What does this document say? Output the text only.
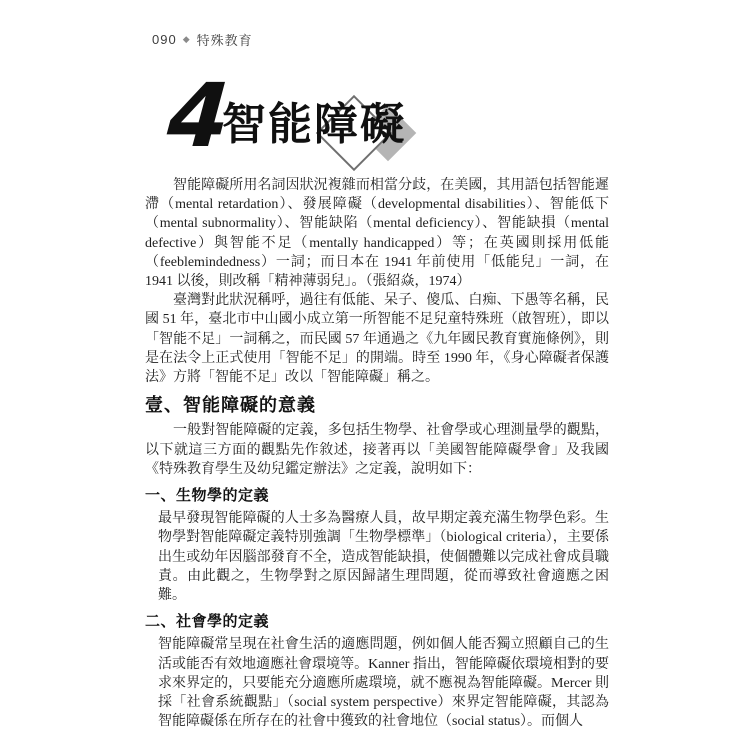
090 ◆ 特殊教育
4
智能障礙

智能障礙所用名詞因狀況複雜而相當分歧，在美國，其用語包括智能遲滯（mental retardation）、發展障礙（developmental disabilities）、智能低下（mental subnormality）、智能缺陷（mental deficiency）、智能缺損（mental defective）與智能不足（mentally handicapped）等；在英國則採用低能（feeblemindedness）一詞；而日本在 1941 年前使用「低能兒」一詞，在 1941 以後，則改稱「精神薄弱兒」。（張紹焱，1974）

臺灣對此狀況稱呼，過往有低能、呆子、傻瓜、白痴、下愚等名稱，民國 51 年，臺北市中山國小成立第一所智能不足兒童特殊班（啟智班），即以「智能不足」一詞稱之，而民國 57 年通過之《九年國民教育實施條例》，則是在法令上正式使用「智能不足」的開端。時至 1990 年，《身心障礙者保護法》方將「智能不足」改以「智能障礙」稱之。

壹、智能障礙的意義

一般對智能障礙的定義，多包括生物學、社會學或心理測量學的觀點，以下就這三方面的觀點先作敘述，接著再以「美國智能障礙學會」及我國《特殊教育學生及幼兒鑑定辦法》之定義，說明如下：

一、生物學的定義

最早發現智能障礙的人士多為醫療人員，故早期定義充滿生物學色彩。生物學對智能障礙定義特別強調「生物學標準」（biological criteria），主要係出生或幼年因腦部發育不全，造成智能缺損，使個體難以完成社會成員職責。由此觀之，生物學對之原因歸諸生理問題，從而導致社會適應之困難。

二、社會學的定義

智能障礙常呈現在社會生活的適應問題，例如個人能否獨立照顧自己的生活或能否有效地適應社會環境等。Kanner 指出，智能障礙依環境相對的要求來界定的，只要能充分適應所處環境，就不應視為智能障礙。Mercer 則採「社會系統觀點」（social system perspective）來界定智能障礙，其認為智能障礙係在所存在的社會中獲致的社會地位（social status）。而個人
